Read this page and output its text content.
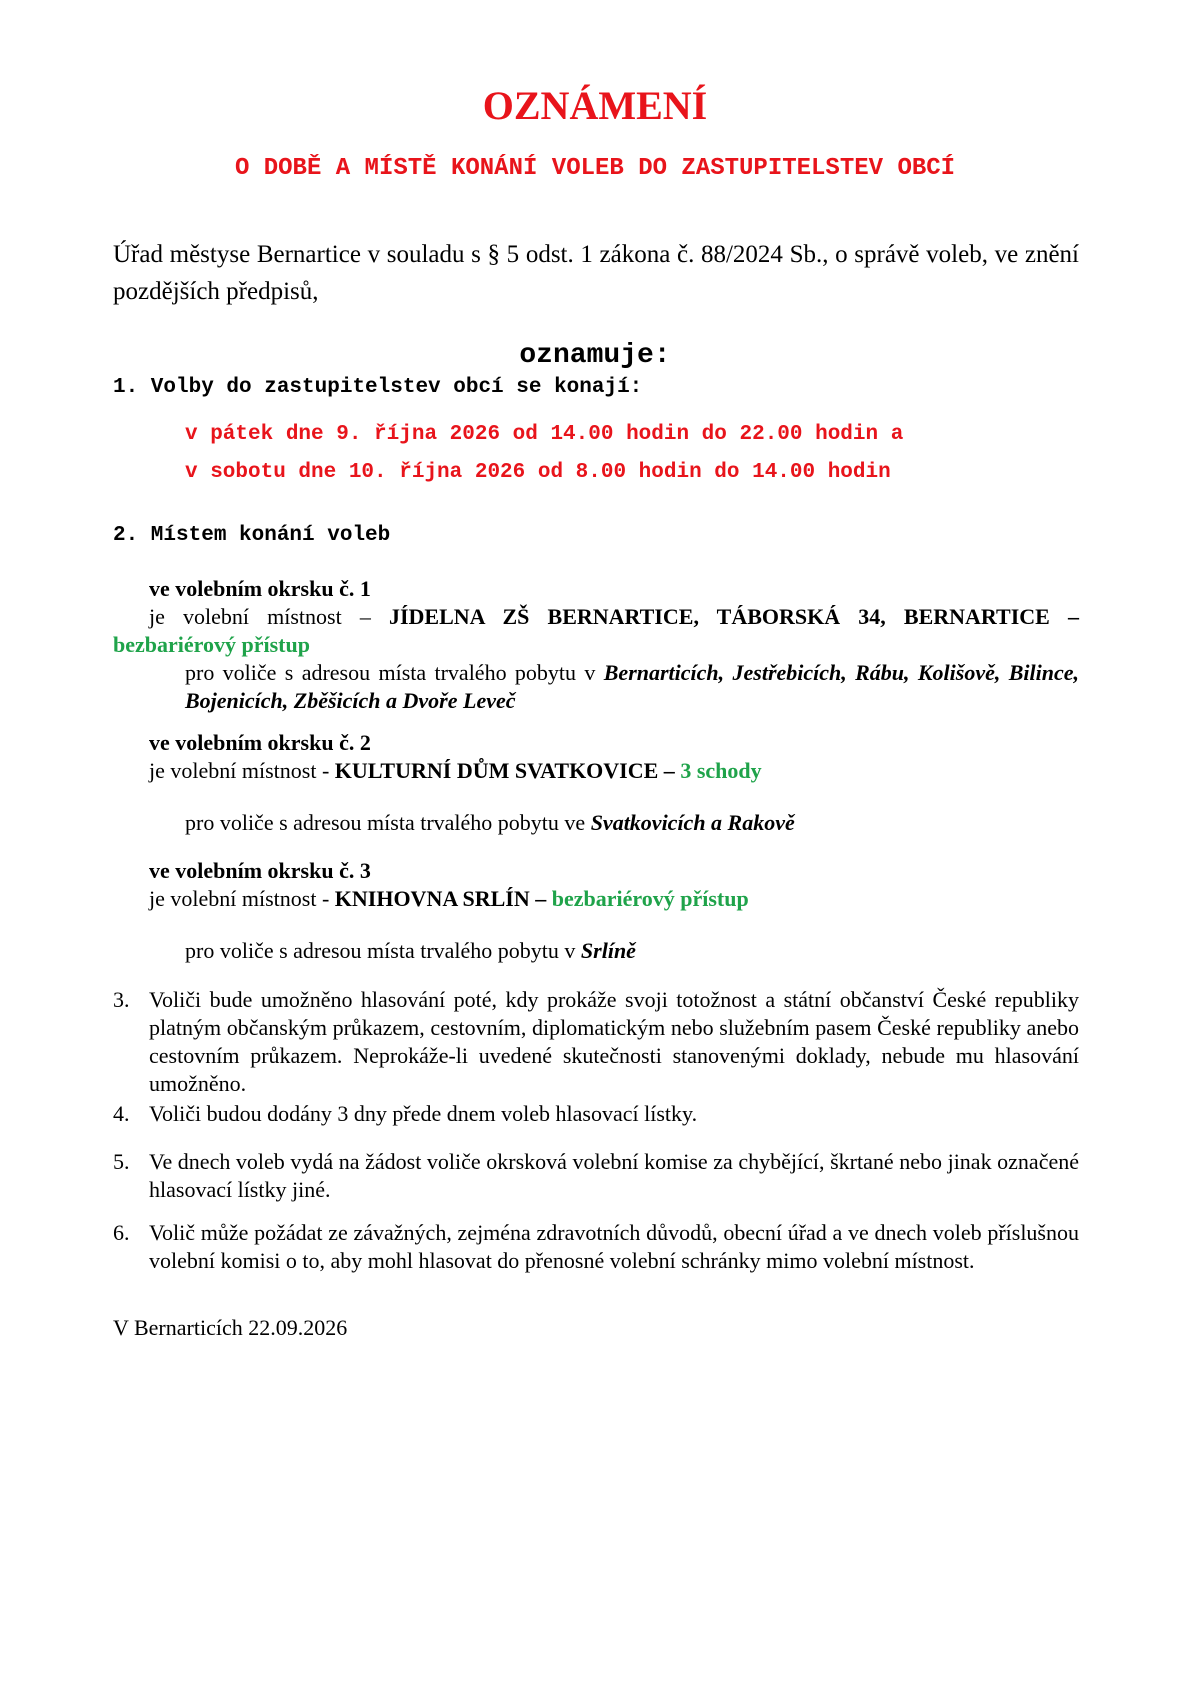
OZNÁMENÍ
O DOBĚ A MÍSTĚ KONÁNÍ VOLEB DO ZASTUPITELSTEV OBCÍ
Úřad městyse Bernartice v souladu s § 5 odst. 1 zákona č. 88/2024 Sb., o správě voleb, ve znění pozdějších předpisů,
oznamuje:
1. Volby do zastupitelstev obcí se konají:
v pátek dne 9. října 2026 od 14.00 hodin do 22.00 hodin a
v sobotu dne 10. října 2026 od 8.00 hodin do 14.00 hodin
2. Místem konání voleb
ve volebním okrsku č. 1
je volební místnost – JÍDELNA ZŠ BERNARTICE, TÁBORSKÁ 34, BERNARTICE – bezbariérový přístup
pro voliče s adresou místa trvalého pobytu v Bernarticích, Jestřebicích, Rábu, Kolišově, Bilince, Bojenicích, Zběšicích a Dvoře Leveč
ve volebním okrsku č. 2
je volební místnost - KULTURNÍ DŮM SVATKOVICE – 3 schody
pro voliče s adresou místa trvalého pobytu ve Svatkovicích a Rakově
ve volebním okrsku č. 3
je volební místnost - KNIHOVNA SRLÍN – bezbariérový přístup
pro voliče s adresou místa trvalého pobytu v Srlíně
3. Voliči bude umožněno hlasování poté, kdy prokáže svoji totožnost a státní občanství České republiky platným občanským průkazem, cestovním, diplomatickým nebo služebním pasem České republiky anebo cestovním průkazem. Neprokáže-li uvedené skutečnosti stanovenými doklady, nebude mu hlasování umožněno.
4. Voliči budou dodány 3 dny přede dnem voleb hlasovací lístky.
5. Ve dnech voleb vydá na žádost voliče okrsková volební komise za chybějící, škrtané nebo jinak označené hlasovací lístky jiné.
6. Volič může požádat ze závažných, zejména zdravotních důvodů, obecní úřad a ve dnech voleb příslušnou volební komisi o to, aby mohl hlasovat do přenosné volební schránky mimo volební místnost.
V Bernarticích 22.09.2026
